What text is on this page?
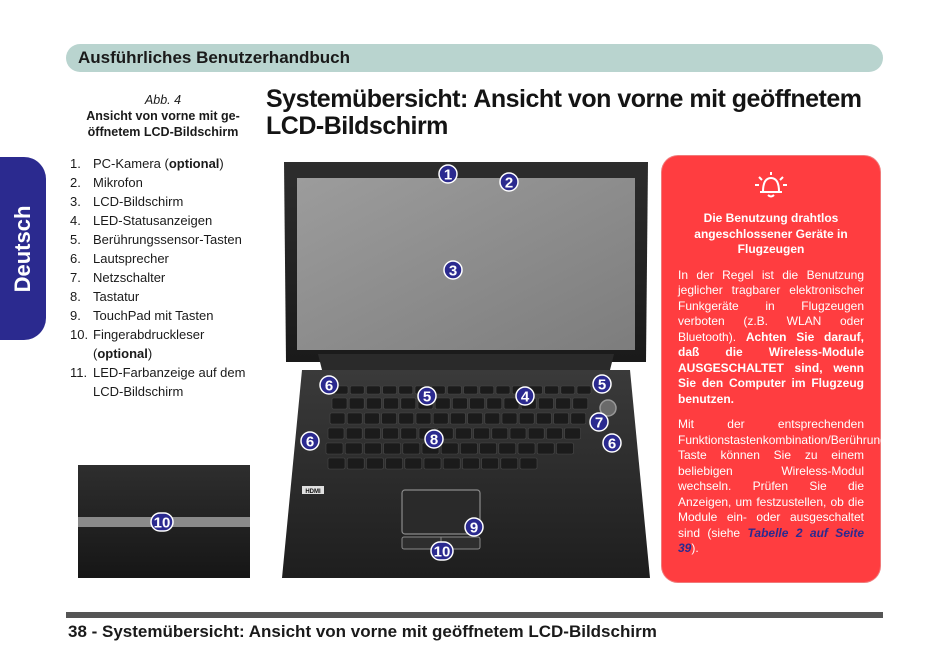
Ausführliches Benutzerhandbuch
Deutsch
Abb. 4
Ansicht von vorne mit ge-
öffnetem LCD-Bildschirm
Systemübersicht: Ansicht von vorne mit geöffnetem
LCD-Bildschirm
1. PC-Kamera (optional)
2. Mikrofon
3. LCD-Bildschirm
4. LED-Statusanzeigen
5. Berührungssensor-Tasten
6. Lautsprecher
7. Netzschalter
8. Tastatur
9. TouchPad mit Tasten
10. Fingerabdruckleser (optional)
11. LED-Farbanzeige auf dem LCD-Bildschirm
HDMI
1	2
3
6
5	4
5
7
8
6	6
9
10
10
Die Benutzung drahtlos angeschlossener Geräte in Flugzeugen

In der Regel ist die Benutzung jeglicher tragbarer elektronischer Funkgeräte in Flugzeugen verboten (z.B. WLAN oder Bluetooth). Achten Sie darauf, daß die Wireless-Module AUSGESCHALTET sind, wenn Sie den Computer im Flugzeug benutzen.

Mit der entsprechenden Funktionstastenkombination/Berührungssensor-Taste können Sie zu einem beliebigen Wireless-Modul wechseln. Prüfen Sie die Anzeigen, um festzustellen, ob die Module ein- oder ausgeschaltet sind (siehe Tabelle 2 auf Seite 39).

38 - Systemübersicht: Ansicht von vorne mit geöffnetem LCD-Bildschirm
